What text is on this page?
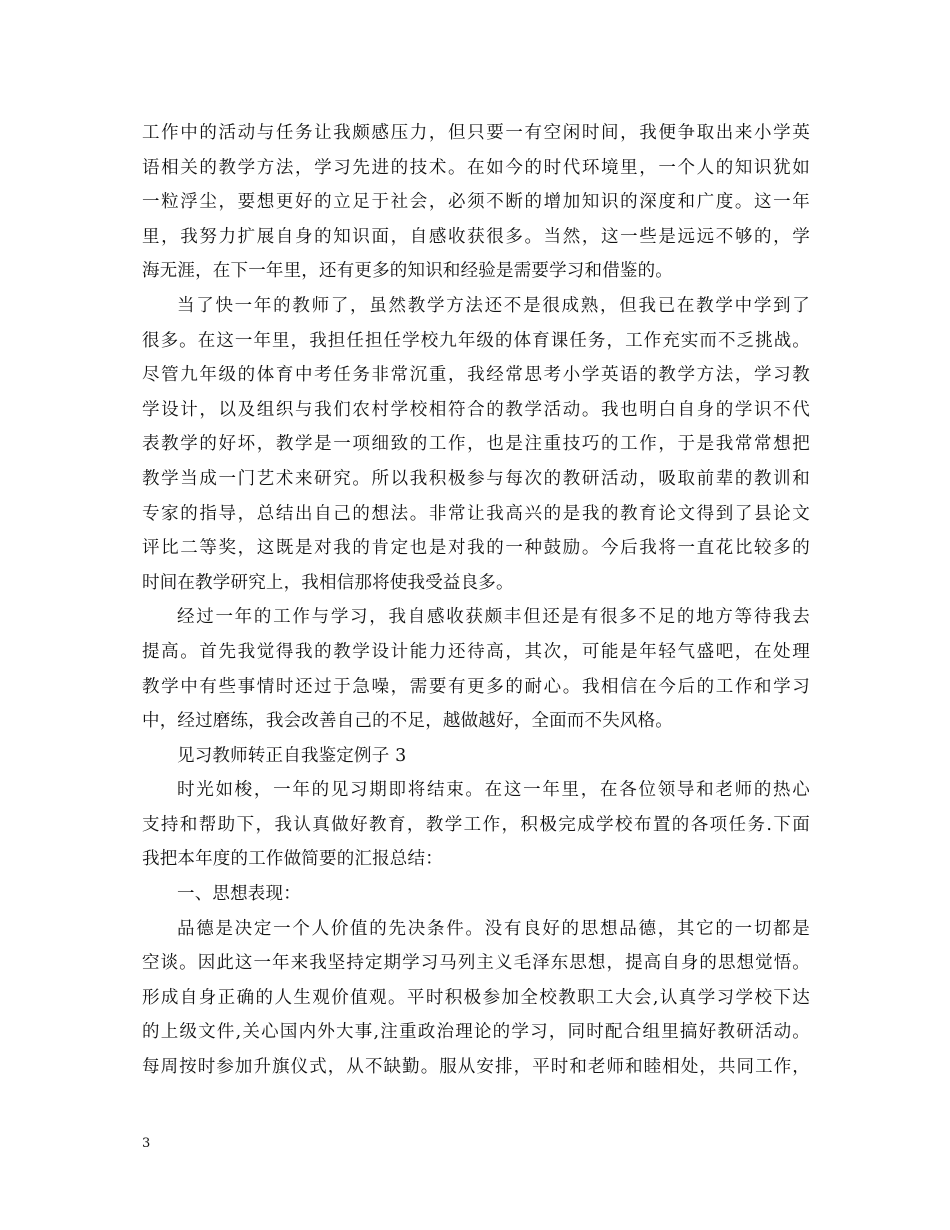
工作中的活动与任务让我颇感压力，但只要一有空闲时间，我便争取出来小学英
语相关的教学方法，学习先进的技术。在如今的时代环境里，一个人的知识犹如
一粒浮尘，要想更好的立足于社会，必须不断的增加知识的深度和广度。这一年
里，我努力扩展自身的知识面，自感收获很多。当然，这一些是远远不够的，学
海无涯，在下一年里，还有更多的知识和经验是需要学习和借鉴的。
当了快一年的教师了，虽然教学方法还不是很成熟，但我已在教学中学到了
很多。在这一年里，我担任担任学校九年级的体育课任务，工作充实而不乏挑战。
尽管九年级的体育中考任务非常沉重，我经常思考小学英语的教学方法，学习教
学设计，以及组织与我们农村学校相符合的教学活动。我也明白自身的学识不代
表教学的好坏，教学是一项细致的工作，也是注重技巧的工作，于是我常常想把
教学当成一门艺术来研究。所以我积极参与每次的教研活动，吸取前辈的教训和
专家的指导，总结出自己的想法。非常让我高兴的是我的教育论文得到了县论文
评比二等奖，这既是对我的肯定也是对我的一种鼓励。今后我将一直花比较多的
时间在教学研究上，我相信那将使我受益良多。
经过一年的工作与学习，我自感收获颇丰但还是有很多不足的地方等待我去
提高。首先我觉得我的教学设计能力还待高，其次，可能是年轻气盛吧，在处理
教学中有些事情时还过于急噪，需要有更多的耐心。我相信在今后的工作和学习
中，经过磨练，我会改善自己的不足，越做越好，全面而不失风格。
见习教师转正自我鉴定例子 3
时光如梭，一年的见习期即将结束。在这一年里，在各位领导和老师的热心
支持和帮助下，我认真做好教育，教学工作，积极完成学校布置的各项任务.下面
我把本年度的工作做简要的汇报总结：
一、思想表现：
品德是决定一个人价值的先决条件。没有良好的思想品德，其它的一切都是
空谈。因此这一年来我坚持定期学习马列主义毛泽东思想，提高自身的思想觉悟。
形成自身正确的人生观价值观。平时积极参加全校教职工大会,认真学习学校下达
的上级文件,关心国内外大事,注重政治理论的学习，同时配合组里搞好教研活动。
每周按时参加升旗仪式，从不缺勤。服从安排，平时和老师和睦相处，共同工作，
3
